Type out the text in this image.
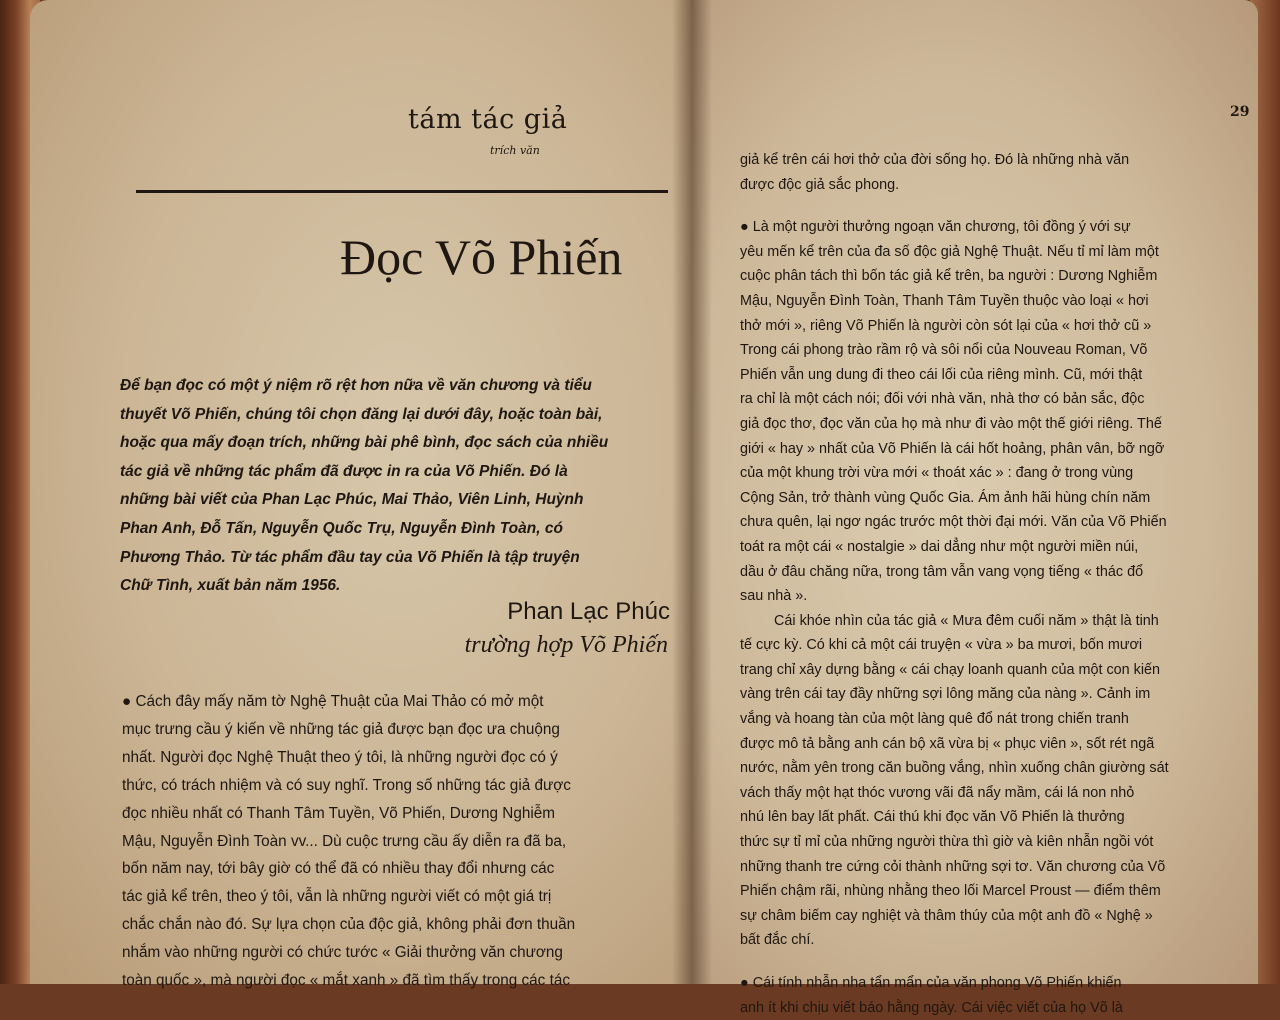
tám tác giả
trích văn
Đọc Võ Phiến
Để bạn đọc có một ý niệm rõ rệt hơn nữa về văn chương và tiểu
thuyết Võ Phiến, chúng tôi chọn đăng lại dưới đây, hoặc toàn bài,
hoặc qua mấy đoạn trích, những bài phê bình, đọc sách của nhiều
tác giả về những tác phẩm đã được in ra của Võ Phiến. Đó là
những bài viết của Phan Lạc Phúc, Mai Thảo, Viên Linh, Huỳnh
Phan Anh, Đỗ Tấn, Nguyễn Quốc Trụ, Nguyễn Đình Toàn, có
Phương Thảo. Từ tác phẩm đầu tay của Võ Phiến là tập truyện
Chữ Tình, xuất bản năm 1956.
Phan Lạc Phúc
trường hợp Võ Phiến
● Cách đây mấy năm tờ Nghệ Thuật của Mai Thảo có mở một
mục trưng cầu ý kiến về những tác giả được bạn đọc ưa chuộng
nhất. Người đọc Nghệ Thuật theo ý tôi, là những người đọc có ý
thức, có trách nhiệm và có suy nghĩ. Trong số những tác giả được
đọc nhiều nhất có Thanh Tâm Tuyền, Võ Phiến, Dương Nghiễm
Mậu, Nguyễn Đình Toàn vv... Dù cuộc trưng cầu ấy diễn ra đã ba,
bốn năm nay, tới bây giờ có thể đã có nhiều thay đổi nhưng các
tác giả kể trên, theo ý tôi, vẫn là những người viết có một giá trị
chắc chắn nào đó. Sự lựa chọn của độc giả, không phải đơn thuần
nhắm vào những người có chức tước « Giải thưởng văn chương
toàn quốc », mà người đọc « mắt xanh » đã tìm thấy trong các tác
29
giả kể trên cái hơi thở của đời sống họ. Đó là những nhà văn
được độc giả sắc phong.
● Là một người thưởng ngoạn văn chương, tôi đồng ý với sự
yêu mến kể trên của đa số độc giả Nghệ Thuật. Nếu tỉ mỉ làm một
cuộc phân tách thì bốn tác giả kể trên, ba người : Dương Nghiễm
Mậu, Nguyễn Đình Toàn, Thanh Tâm Tuyền thuộc vào loại « hơi
thở mới », riêng Võ Phiến là người còn sót lại của « hơi thở cũ »
Trong cái phong trào rầm rộ và sôi nổi của Nouveau Roman, Võ
Phiến vẫn ung dung đi theo cái lối của riêng mình. Cũ, mới thật
ra chỉ là một cách nói; đối với nhà văn, nhà thơ có bản sắc, độc
giả đọc thơ, đọc văn của họ mà như đi vào một thế giới riêng. Thế
giới « hay » nhất của Võ Phiến là cái hốt hoảng, phân vân, bỡ ngỡ
của một khung trời vừa mới « thoát xác » : đang ở trong vùng
Cộng Sản, trở thành vùng Quốc Gia. Ám ảnh hãi hùng chín năm
chưa quên, lại ngơ ngác trước một thời đại mới. Văn của Võ Phiến
toát ra một cái « nostalgie » dai dẳng như một người miền núi,
dầu ở đâu chăng nữa, trong tâm vẫn vang vọng tiếng « thác đổ
sau nhà ».
Cái khóe nhìn của tác giả « Mưa đêm cuối năm » thật là tinh
tế cực kỳ. Có khi cả một cái truyện « vừa » ba mươi, bốn mươi
trang chỉ xây dựng bằng « cái chạy loanh quanh của một con kiến
vàng trên cái tay đầy những sợi lông măng của nàng ». Cảnh im
vắng và hoang tàn của một làng quê đổ nát trong chiến tranh
được mô tả bằng anh cán bộ xã vừa bị « phục viên », sốt rét ngã
nước, nằm yên trong căn buồng vắng, nhìn xuống chân giường sát
vách thấy một hạt thóc vương vãi đã nẩy mầm, cái lá non nhỏ
nhú lên bay lất phất. Cái thú khi đọc văn Võ Phiến là thưởng
thức sự tỉ mỉ của những người thừa thì giờ và kiên nhẫn ngồi vót
những thanh tre cứng cỏi thành những sợi tơ. Văn chương của Võ
Phiến chậm rãi, nhùng nhằng theo lối Marcel Proust — điểm thêm
sự châm biếm cay nghiệt và thâm thúy của một anh đồ « Nghệ »
bất đắc chí.
● Cái tính nhẫn nha tẩn mẩn của văn phong Võ Phiến khiến
anh ít khi chịu viết báo hằng ngày. Cái việc viết của họ Võ là
